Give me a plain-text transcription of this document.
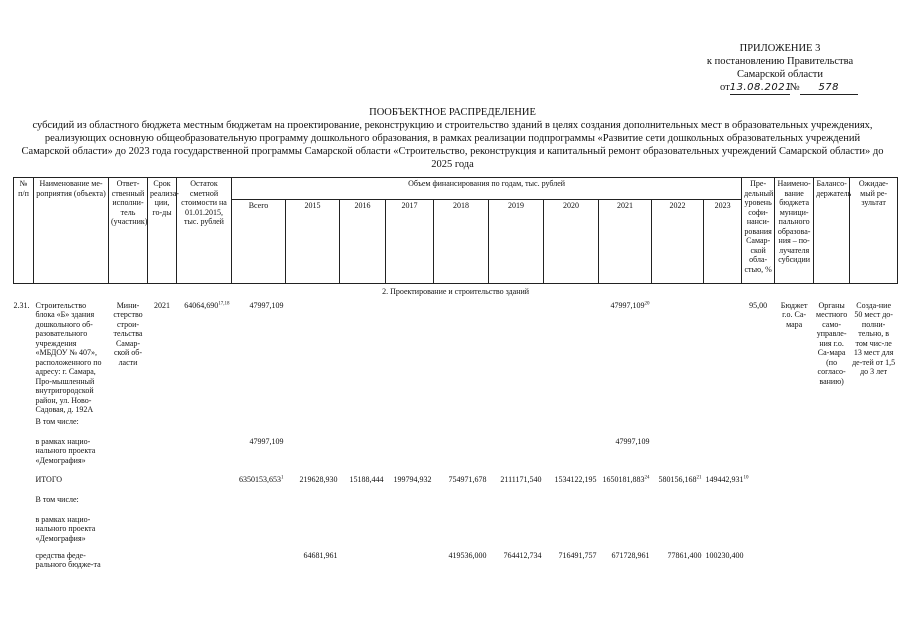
ПРИЛОЖЕНИЕ 3
к постановлению Правительства
Самарской области
от13.08.2021№ 578
ПООБЪЕКТНОЕ РАСПРЕДЕЛЕНИЕ
субсидий из областного бюджета местным бюджетам на проектирование, реконструкцию и строительство зданий в целях создания дополнительных мест в образовательных учреждениях, реализующих основную общеобразовательную программу дошкольного образования, в рамках реализации подпрограммы «Развитие сети дошкольных образовательных учреждений Самарской области» до 2023 года государственной программы Самарской области «Строительство, реконструкция и капитальный ремонт образовательных учреждений Самарской области» до 2025 года
№ п/п	Наименование ме-роприятия (объекта)	Ответ-ственный исполни-тель (участник)	Срок реализа-ции, го-ды	Остаток сметной стоимости на 01.01.2015, тыс. рублей	Объем финансирования по годам, тыс. рублей										Пре-дельный уровень софи-нанси-рования Самар-ской обла-стью, %	Наимено-вание бюджета муници-пального образова-ния – по-лучателя субсидии	Балансо-держатель	Ожидае-мый ре-зультат
					Всего	2015	2016	2017	2018	2019	2020	2021	2022	2023				
2. Проектирование и строительство зданий																		
2.31.	Строительство блока «Б» здания дошкольного об-разовательного учреждения «МБДОУ № 407», расположенного по адресу: г. Самара, Про-мышленный внутригородской район, ул. Ново-Садовая, д. 192А	Мини-стерство строи-тельства Самар-ской об-ласти	2021	64064,690$^{17,18}$	47997,109							47997,109$^{20}$			95,00	Бюджет г.о. Са-мара	Органы местного само-управле-ния г.о. Са-мара (по согласо-ванию)	Созда-ние 50 мест до-полни-тельно, в том чис-ле 13 мест для де-тей от 1,5 до 3 лет
	В том числе:																	
	в рамках нацио-нального проекта «Демография»				47997,109							47997,109						
	ИТОГО				6350153,653$^1$	219628,930	15188,444	199794,932	754971,678	2111171,540	1534122,195	1650181,883$^{24}$	580156,168$^{21}$	149442,931$^{10}$				
	В том числе:																	
	в рамках нацио-нального проекта «Демография»																	
	средства феде-рального бюдже-та					64681,961			419536,000	764412,734	716491,757	671728,961	77861,400	100230,400				
